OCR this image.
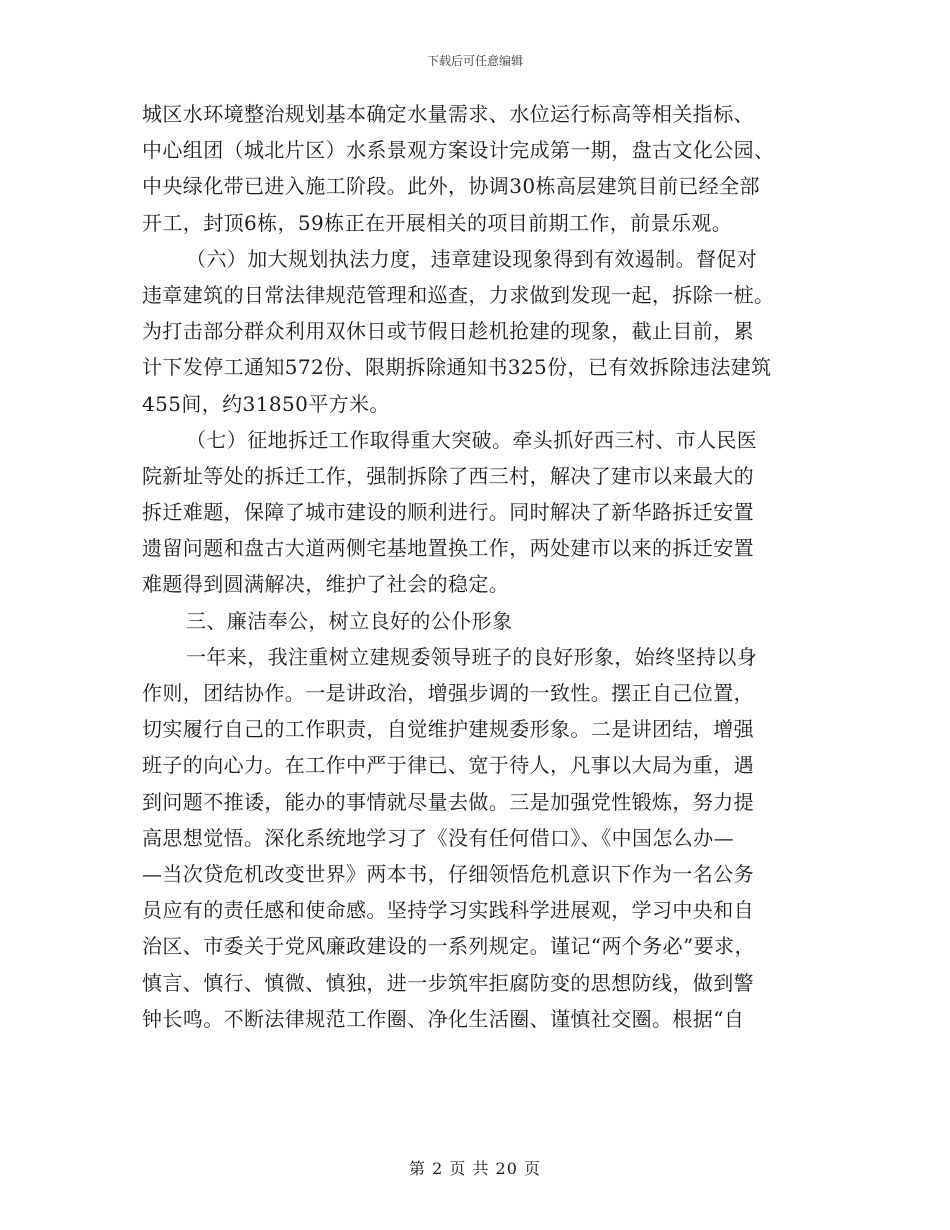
下载后可任意编辑
城区水环境整治规划基本确定水量需求、水位运行标高等相关指标、
中心组团（城北片区）水系景观方案设计完成第一期，盘古文化公园、
中央绿化带已进入施工阶段。此外，协调30栋高层建筑目前已经全部
开工，封顶6栋，59栋正在开展相关的项目前期工作，前景乐观。
（六）加大规划执法力度，违章建设现象得到有效遏制。督促对
违章建筑的日常法律规范管理和巡查，力求做到发现一起，拆除一桩。
为打击部分群众利用双休日或节假日趁机抢建的现象，截止目前，累
计下发停工通知572份、限期拆除通知书325份，已有效拆除违法建筑
455间，约31850平方米。
（七）征地拆迁工作取得重大突破。牵头抓好西三村、市人民医
院新址等处的拆迁工作，强制拆除了西三村，解决了建市以来最大的
拆迁难题，保障了城市建设的顺利进行。同时解决了新华路拆迁安置
遗留问题和盘古大道两侧宅基地置换工作，两处建市以来的拆迁安置
难题得到圆满解决，维护了社会的稳定。
三、廉洁奉公，树立良好的公仆形象
一年来，我注重树立建规委领导班子的良好形象，始终坚持以身
作则，团结协作。一是讲政治，增强步调的一致性。摆正自己位置，
切实履行自己的工作职责，自觉维护建规委形象。二是讲团结，增强
班子的向心力。在工作中严于律已、宽于待人，凡事以大局为重，遇
到问题不推诿，能办的事情就尽量去做。三是加强党性锻炼，努力提
高思想觉悟。深化系统地学习了《没有任何借口》、《中国怎么办—
—当次贷危机改变世界》两本书，仔细领悟危机意识下作为一名公务
员应有的责任感和使命感。坚持学习实践科学进展观，学习中央和自
治区、市委关于党风廉政建设的一系列规定。谨记“两个务必”要求，
慎言、慎行、慎微、慎独，进一步筑牢拒腐防变的思想防线，做到警
钟长鸣。不断法律规范工作圈、净化生活圈、谨慎社交圈。根据“自
第 2 页 共 20 页
